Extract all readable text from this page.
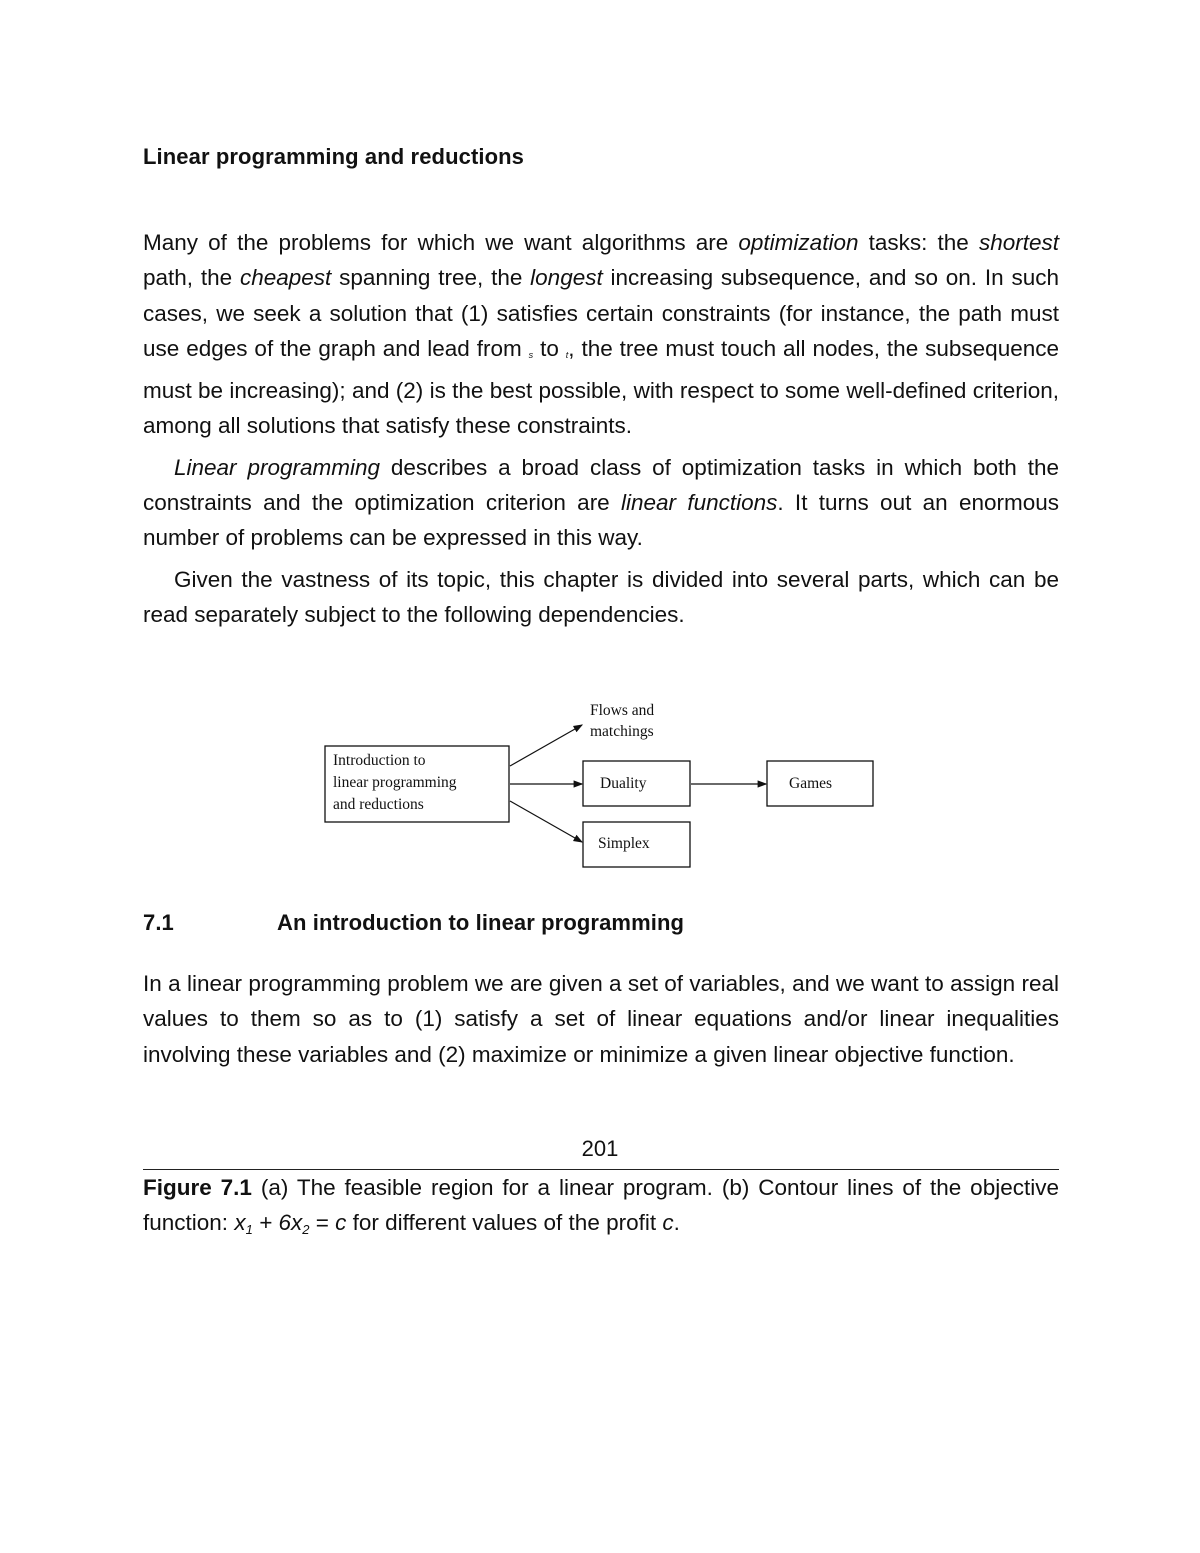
Linear programming and reductions

Many of the problems for which we want algorithms are optimization tasks: the shortest path, the cheapest spanning tree, the longest increasing subsequence, and so on. In such cases, we seek a solution that (1) satisfies certain constraints (for instance, the path must use edges of the graph and lead from s to t, the tree must touch all nodes, the subsequence must be increasing); and (2) is the best possible, with respect to some well-defined criterion, among all solutions that satisfy these constraints.

Linear programming describes a broad class of optimization tasks in which both the constraints and the optimization criterion are linear functions. It turns out an enormous number of problems can be expressed in this way.

Given the vastness of its topic, this chapter is divided into several parts, which can be read separately subject to the following dependencies.

Introduction to
linear programming
and reductions
Flows and
matchings
Duality
Simplex
Games
7.1	An introduction to linear programming

In a linear programming problem we are given a set of variables, and we want to assign real values to them so as to (1) satisfy a set of linear equations and/or linear inequalities involving these variables and (2) maximize or minimize a given linear objective function.

201

Figure 7.1 (a) The feasible region for a linear program. (b) Contour lines of the objective function: $x_1 + 6x_2 = c$ for different values of the profit c.
